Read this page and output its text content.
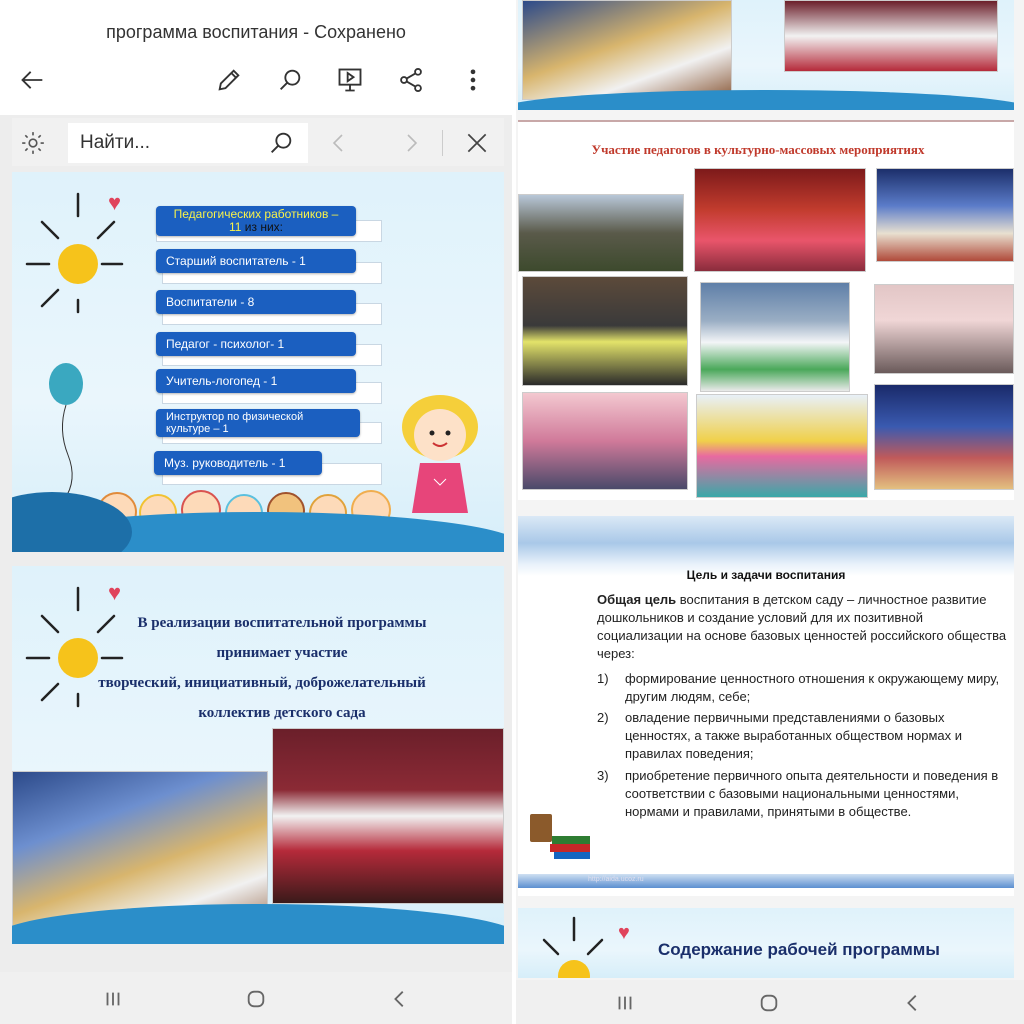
программа воспитания - Сохранено
Найти...
♥	Педагогических работников –
11 из них:
Старший воспитатель - 1
Воспитатели - 8
Педагог - психолог- 1
Учитель-логопед - 1
Инструктор по физической
культуре – 1
Муз. руководитель - 1
♥
В реализации воспитательной программы
принимает участие
творческий, инициативный, доброжелательный
коллектив детского сада
Участие педагогов в культурно-массовых мероприятиях
Цель и задачи воспитания
Общая цель воспитания в детском саду – личностное развитие дошкольников и создание условий для их позитивной социализации на основе базовых ценностей российского общества через:
1)	формирование ценностного отношения к окружающему миру, другим людям, себе;
2)	овладение первичными представлениями о базовых ценностях, а также выработанных обществом нормах и правилах поведения;
3)	приобретение первичного опыта деятельности и поведения в соответствии с базовыми национальными ценностями, нормами и правилами, принятыми в обществе.
http://aida.ucoz.ru
♥
Содержание рабочей программы
